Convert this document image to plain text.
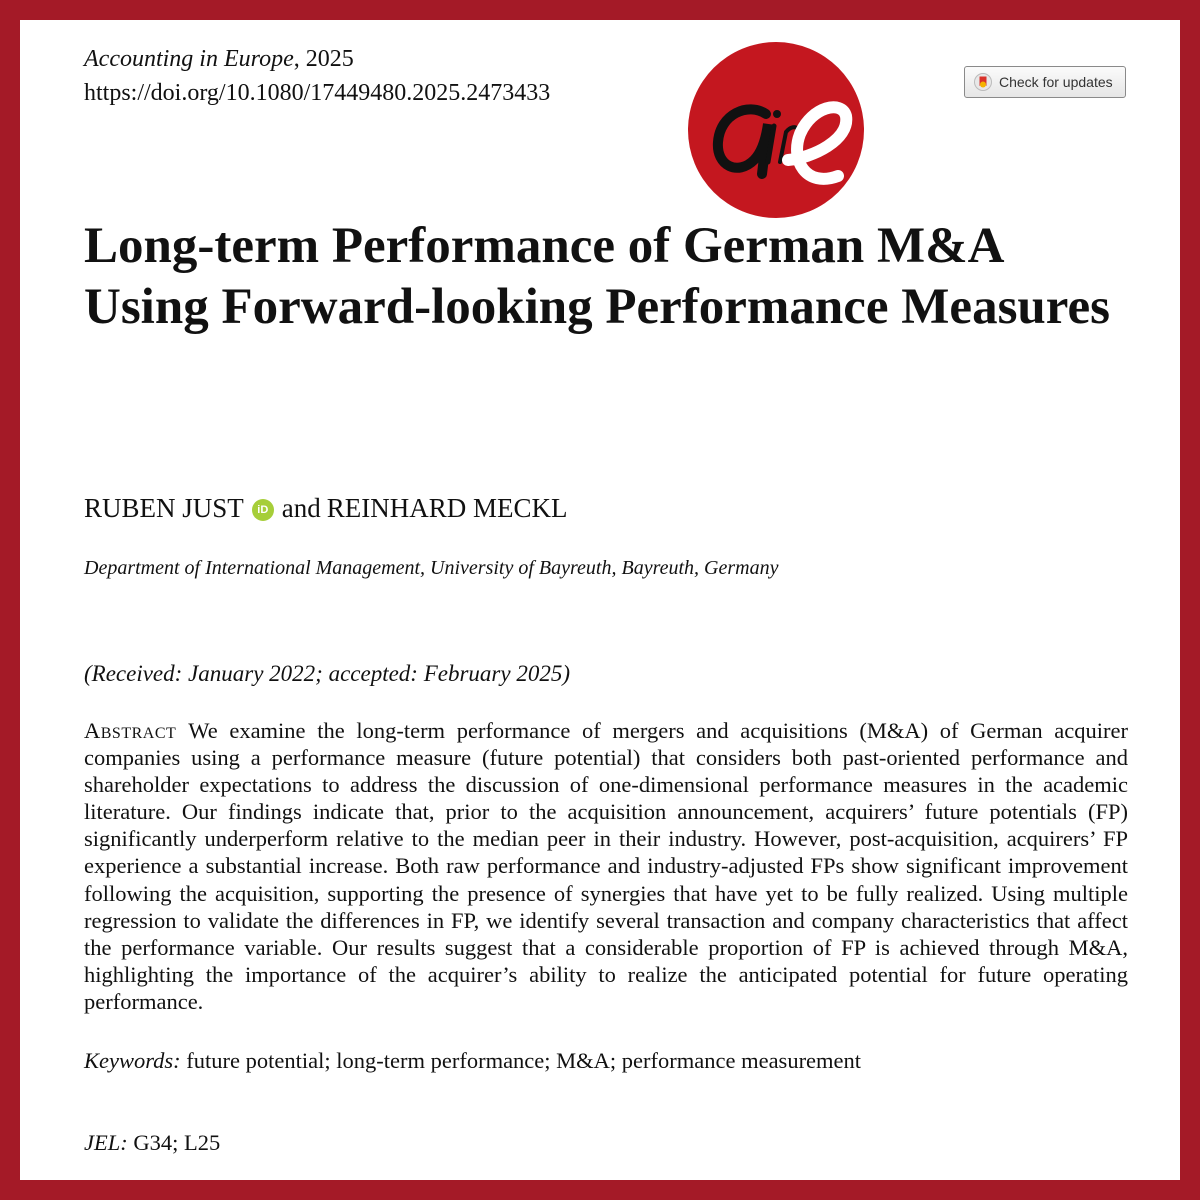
Accounting in Europe, 2025
https://doi.org/10.1080/17449480.2025.2473433	Check for updates
Long-term Performance of German M&A Using Forward-looking Performance Measures
RUBEN JUST iD and REINHARD MECKL
Department of International Management, University of Bayreuth, Bayreuth, Germany
(Received: January 2022; accepted: February 2025)

Abstract We examine the long-term performance of mergers and acquisitions (M&A) of German acquirer companies using a performance measure (future potential) that considers both past-oriented performance and shareholder expectations to address the discussion of one-dimensional performance measures in the academic literature. Our findings indicate that, prior to the acquisition announcement, acquirers’ future potentials (FP) significantly underperform relative to the median peer in their industry. However, post-acquisition, acquirers’ FP experience a substantial increase. Both raw performance and industry-adjusted FPs show significant improvement following the acquisition, supporting the presence of synergies that have yet to be fully realized. Using multiple regression to validate the differences in FP, we identify several transaction and company characteristics that affect the performance variable. Our results suggest that a considerable proportion of FP is achieved through M&A, highlighting the importance of the acquirer’s ability to realize the anticipated potential for future operating performance.

Keywords: future potential; long-term performance; M&A; performance measurement
JEL: G34; L25
